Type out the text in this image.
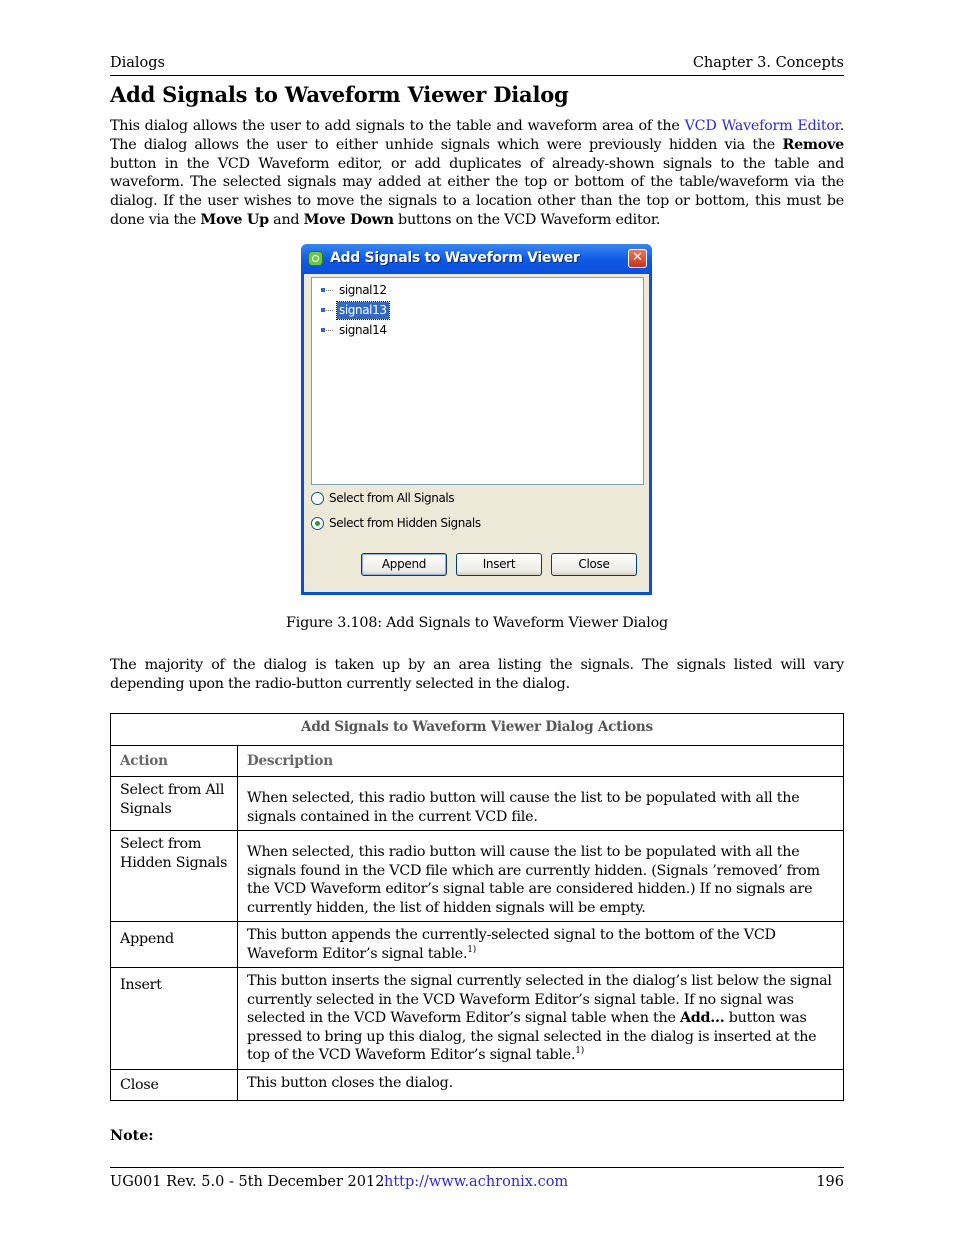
Dialogs	Chapter 3. Concepts
Add Signals to Waveform Viewer Dialog

This dialog allows the user to add signals to the table and waveform area of the VCD Waveform Editor. The dialog allows the user to either unhide signals which were previously hidden via the Remove button in the VCD Waveform editor, or add duplicates of already-shown signals to the table and waveform. The selected signals may added at either the top or bottom of the table/waveform via the dialog. If the user wishes to move the signals to a location other than the top or bottom, this must be done via the Move Up and Move Down buttons on the VCD Waveform editor.

Add Signals to Waveform Viewer	✕
signal12
signal13
signal14
Select from All Signals
Select from Hidden Signals
Append	Insert	Close
Figure 3.108: Add Signals to Waveform Viewer Dialog

The majority of the dialog is taken up by an area listing the signals. The signals listed will vary depending upon the radio-button currently selected in the dialog.

Add Signals to Waveform Viewer Dialog Actions	
Action	Description
Select from All Signals	When selected, this radio button will cause the list to be populated with all the signals contained in the current VCD file.
Select from Hidden Signals	When selected, this radio button will cause the list to be populated with all the signals found in the VCD file which are currently hidden. (Signals ’removed’ from the VCD Waveform editor’s signal table are considered hidden.) If no signals are currently hidden, the list of hidden signals will be empty.
Append	This button appends the currently-selected signal to the bottom of the VCD Waveform Editor’s signal table.$^{1)}$
Insert	This button inserts the signal currently selected in the dialog’s list below the signal currently selected in the VCD Waveform Editor’s signal table. If no signal was selected in the VCD Waveform Editor’s signal table when the Add... button was pressed to bring up this dialog, the signal selected in the dialog is inserted at the top of the VCD Waveform Editor’s signal table.$^{1)}$
Close	This button closes the dialog.
Note:
UG001 Rev. 5.0 - 5th December 2012 http://www.achronix.com	196
